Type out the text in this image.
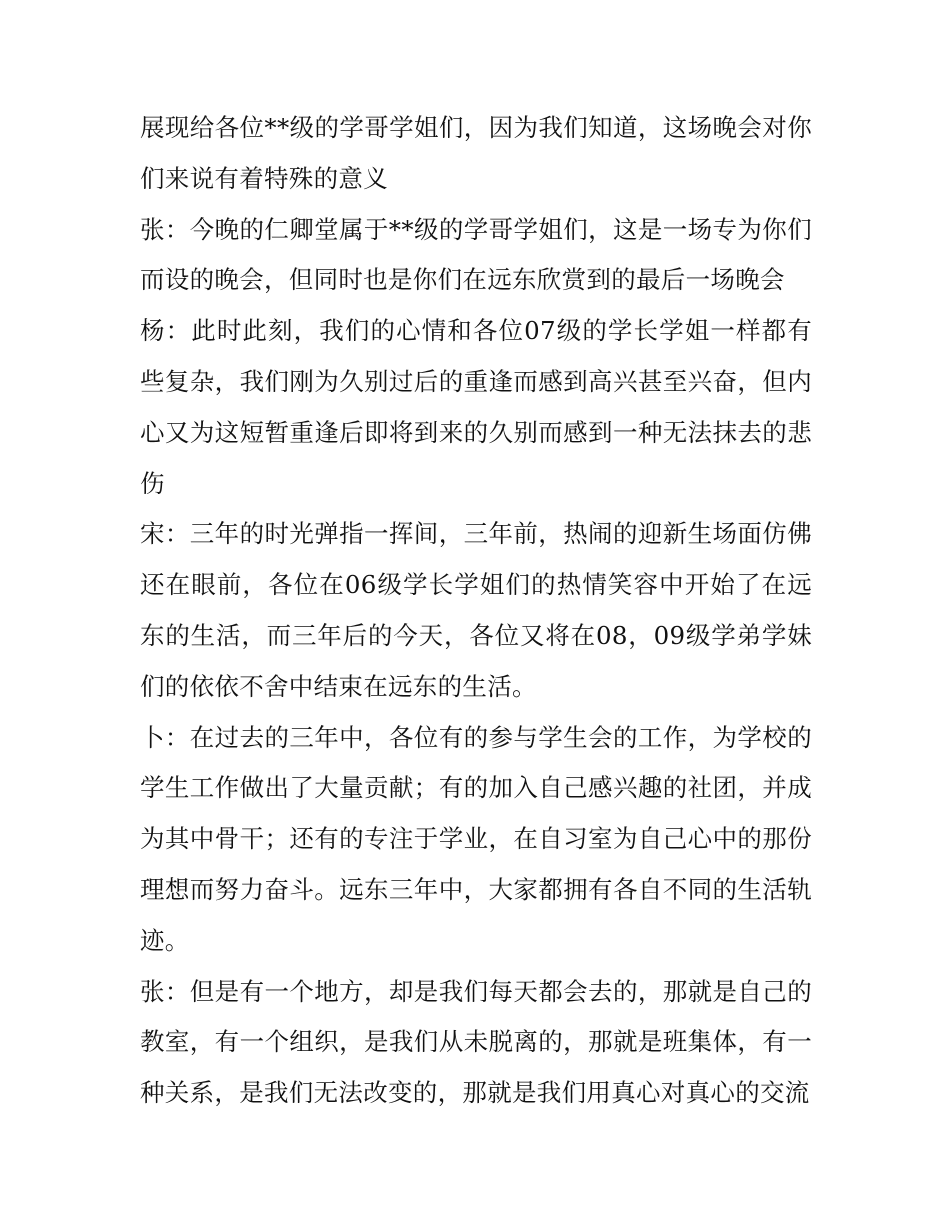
展现给各位**级的学哥学姐们，因为我们知道，这场晚会对你们来说有着特殊的意义

张：今晚的仁卿堂属于**级的学哥学姐们，这是一场专为你们而设的晚会，但同时也是你们在远东欣赏到的最后一场晚会

杨：此时此刻，我们的心情和各位07级的学长学姐一样都有些复杂，我们刚为久别过后的重逢而感到高兴甚至兴奋，但内心又为这短暂重逢后即将到来的久别而感到一种无法抹去的悲伤

宋：三年的时光弹指一挥间，三年前，热闹的迎新生场面仿佛还在眼前，各位在06级学长学姐们的热情笑容中开始了在远东的生活，而三年后的今天，各位又将在08，09级学弟学妹们的依依不舍中结束在远东的生活。

卜：在过去的三年中，各位有的参与学生会的工作，为学校的学生工作做出了大量贡献；有的加入自己感兴趣的社团，并成为其中骨干；还有的专注于学业，在自习室为自己心中的那份理想而努力奋斗。远东三年中，大家都拥有各自不同的生活轨迹。

张：但是有一个地方，却是我们每天都会去的，那就是自己的教室，有一个组织，是我们从未脱离的，那就是班集体，有一种关系，是我们无法改变的，那就是我们用真心对真心的交流
